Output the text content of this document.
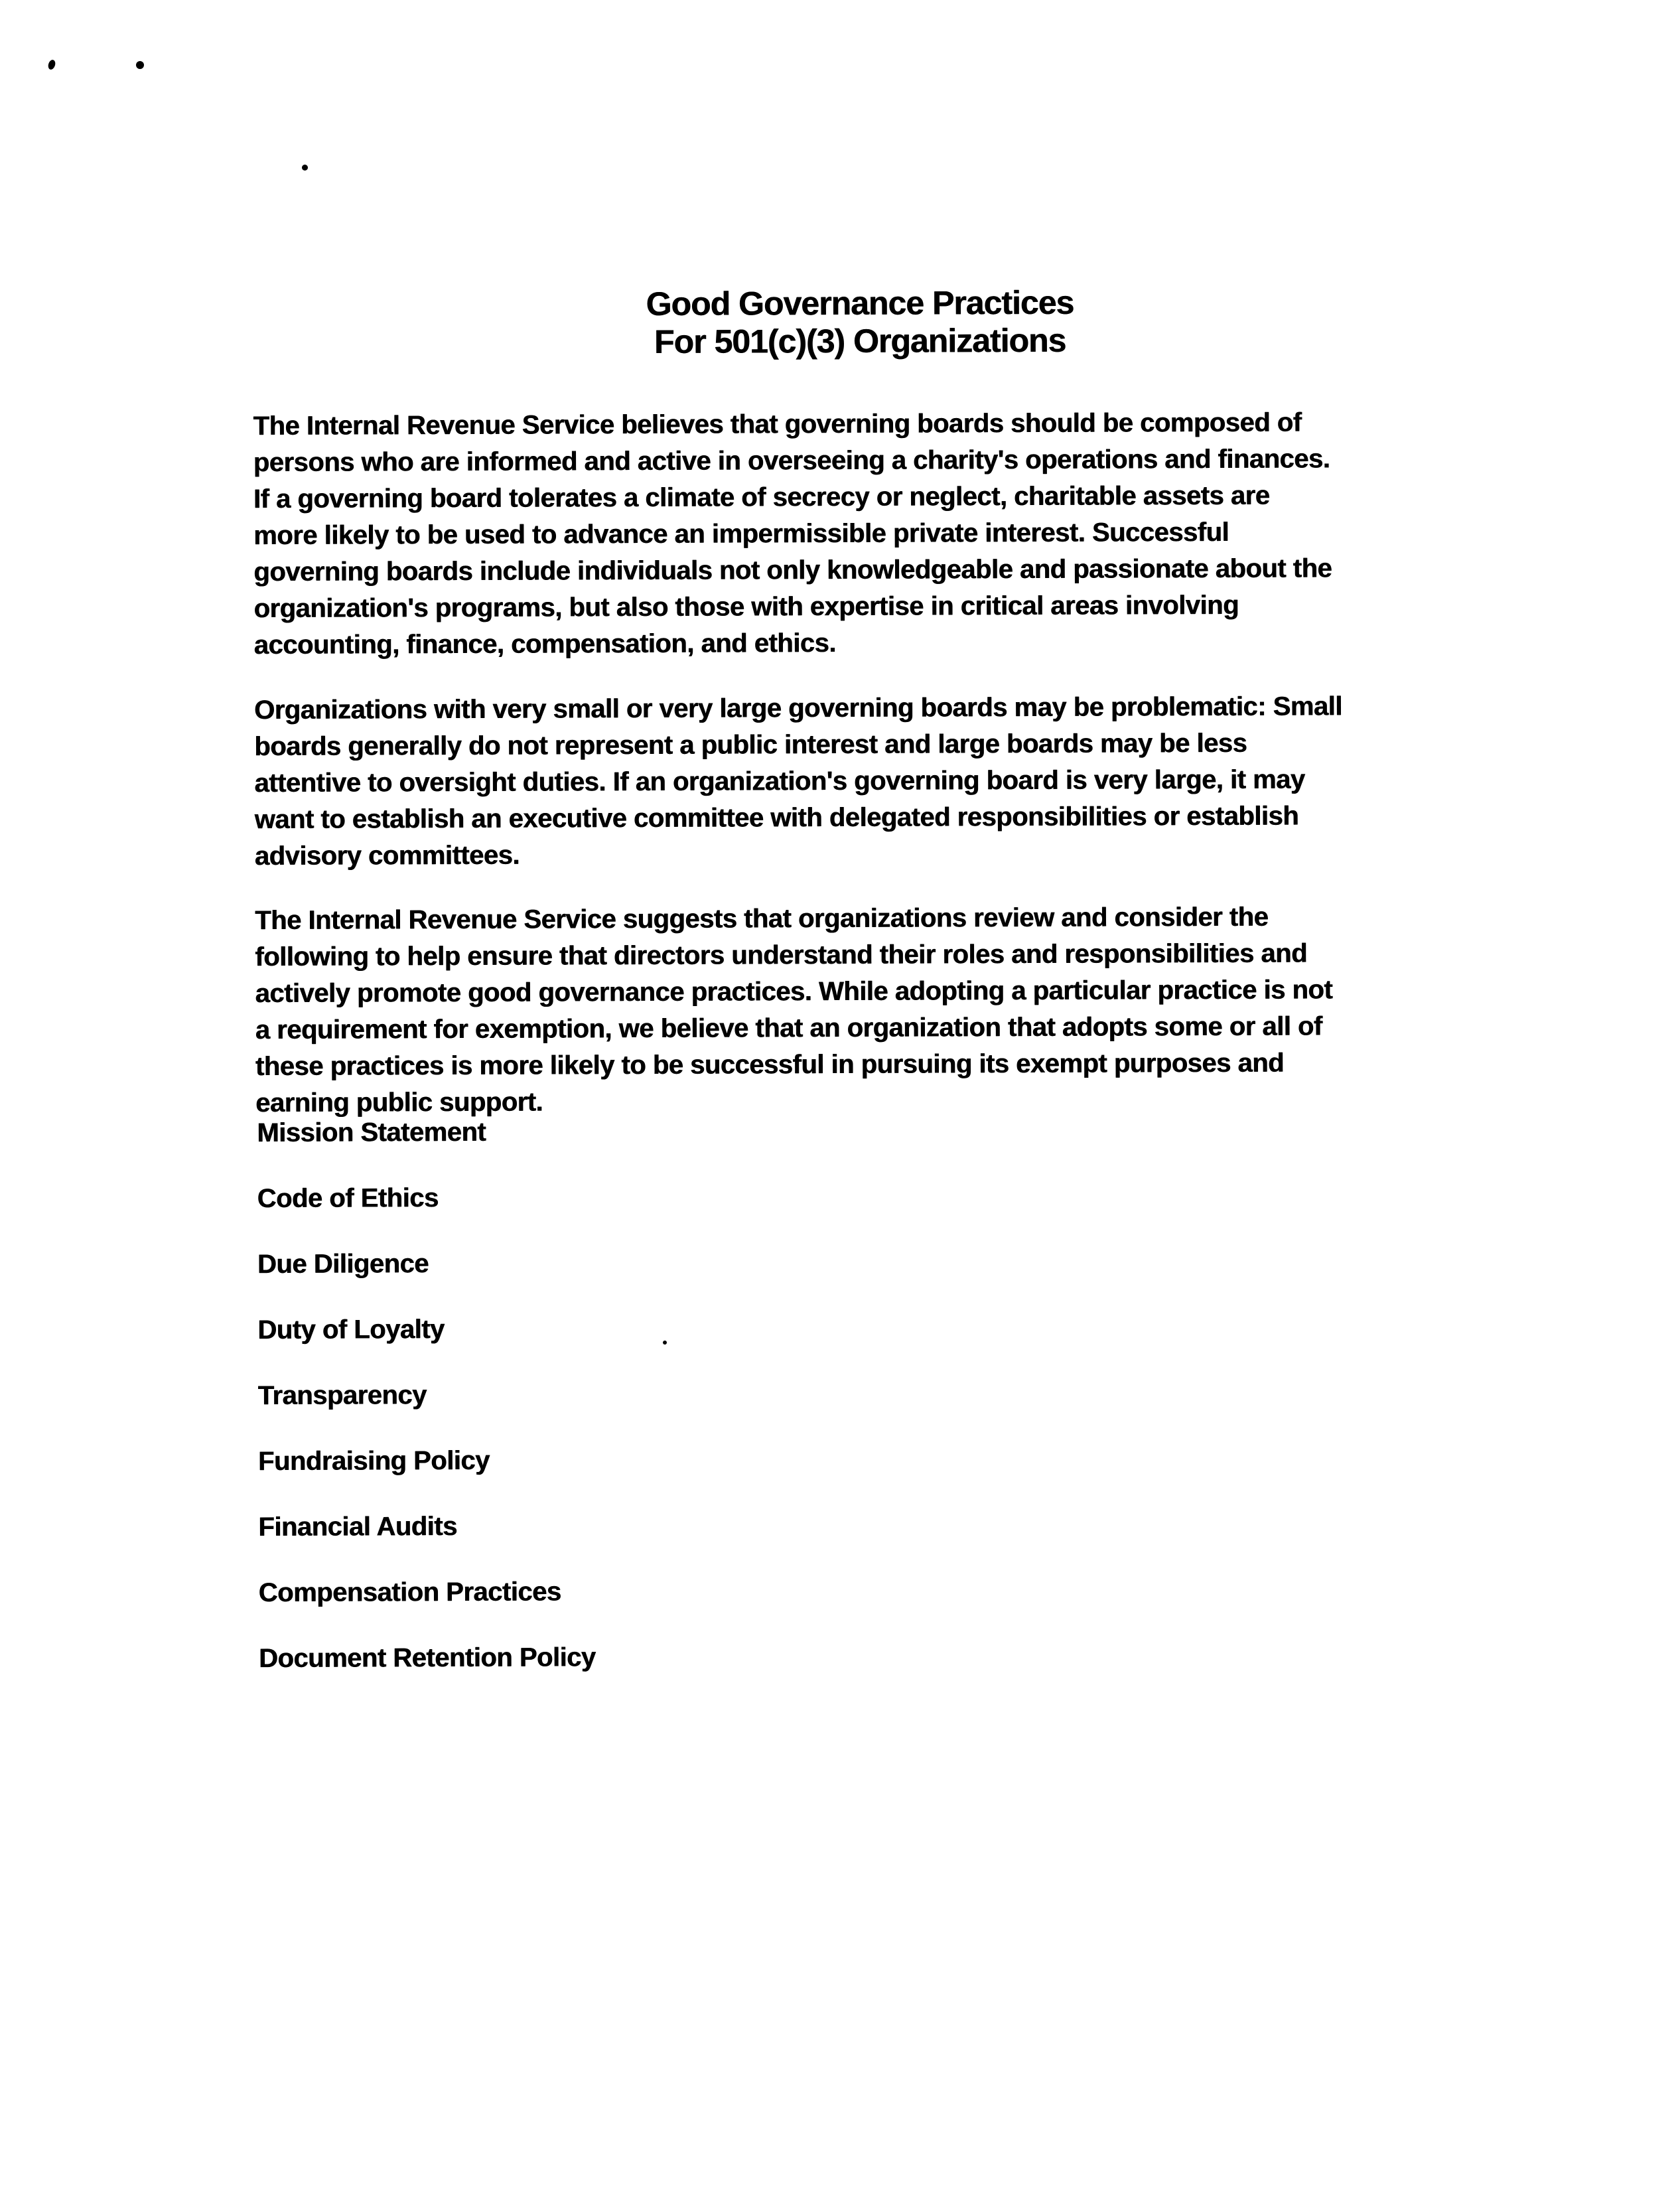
Good Governance Practices
For 501(c)(3) Organizations

The Internal Revenue Service believes that governing boards should be composed of
persons who are informed and active in overseeing a charity's operations and finances.
If a governing board tolerates a climate of secrecy or neglect, charitable assets are
more likely to be used to advance an impermissible private interest. Successful
governing boards include individuals not only knowledgeable and passionate about the
organization's programs, but also those with expertise in critical areas involving
accounting, finance, compensation, and ethics.

Organizations with very small or very large governing boards may be problematic: Small
boards generally do not represent a public interest and large boards may be less
attentive to oversight duties. If an organization's governing board is very large, it may
want to establish an executive committee with delegated responsibilities or establish
advisory committees.

The Internal Revenue Service suggests that organizations review and consider the
following to help ensure that directors understand their roles and responsibilities and
actively promote good governance practices. While adopting a particular practice is not
a requirement for exemption, we believe that an organization that adopts some or all of
these practices is more likely to be successful in pursuing its exempt purposes and
earning public support.

Mission Statement
Code of Ethics
Due Diligence
Duty of Loyalty
Transparency
Fundraising Policy
Financial Audits
Compensation Practices
Document Retention Policy
